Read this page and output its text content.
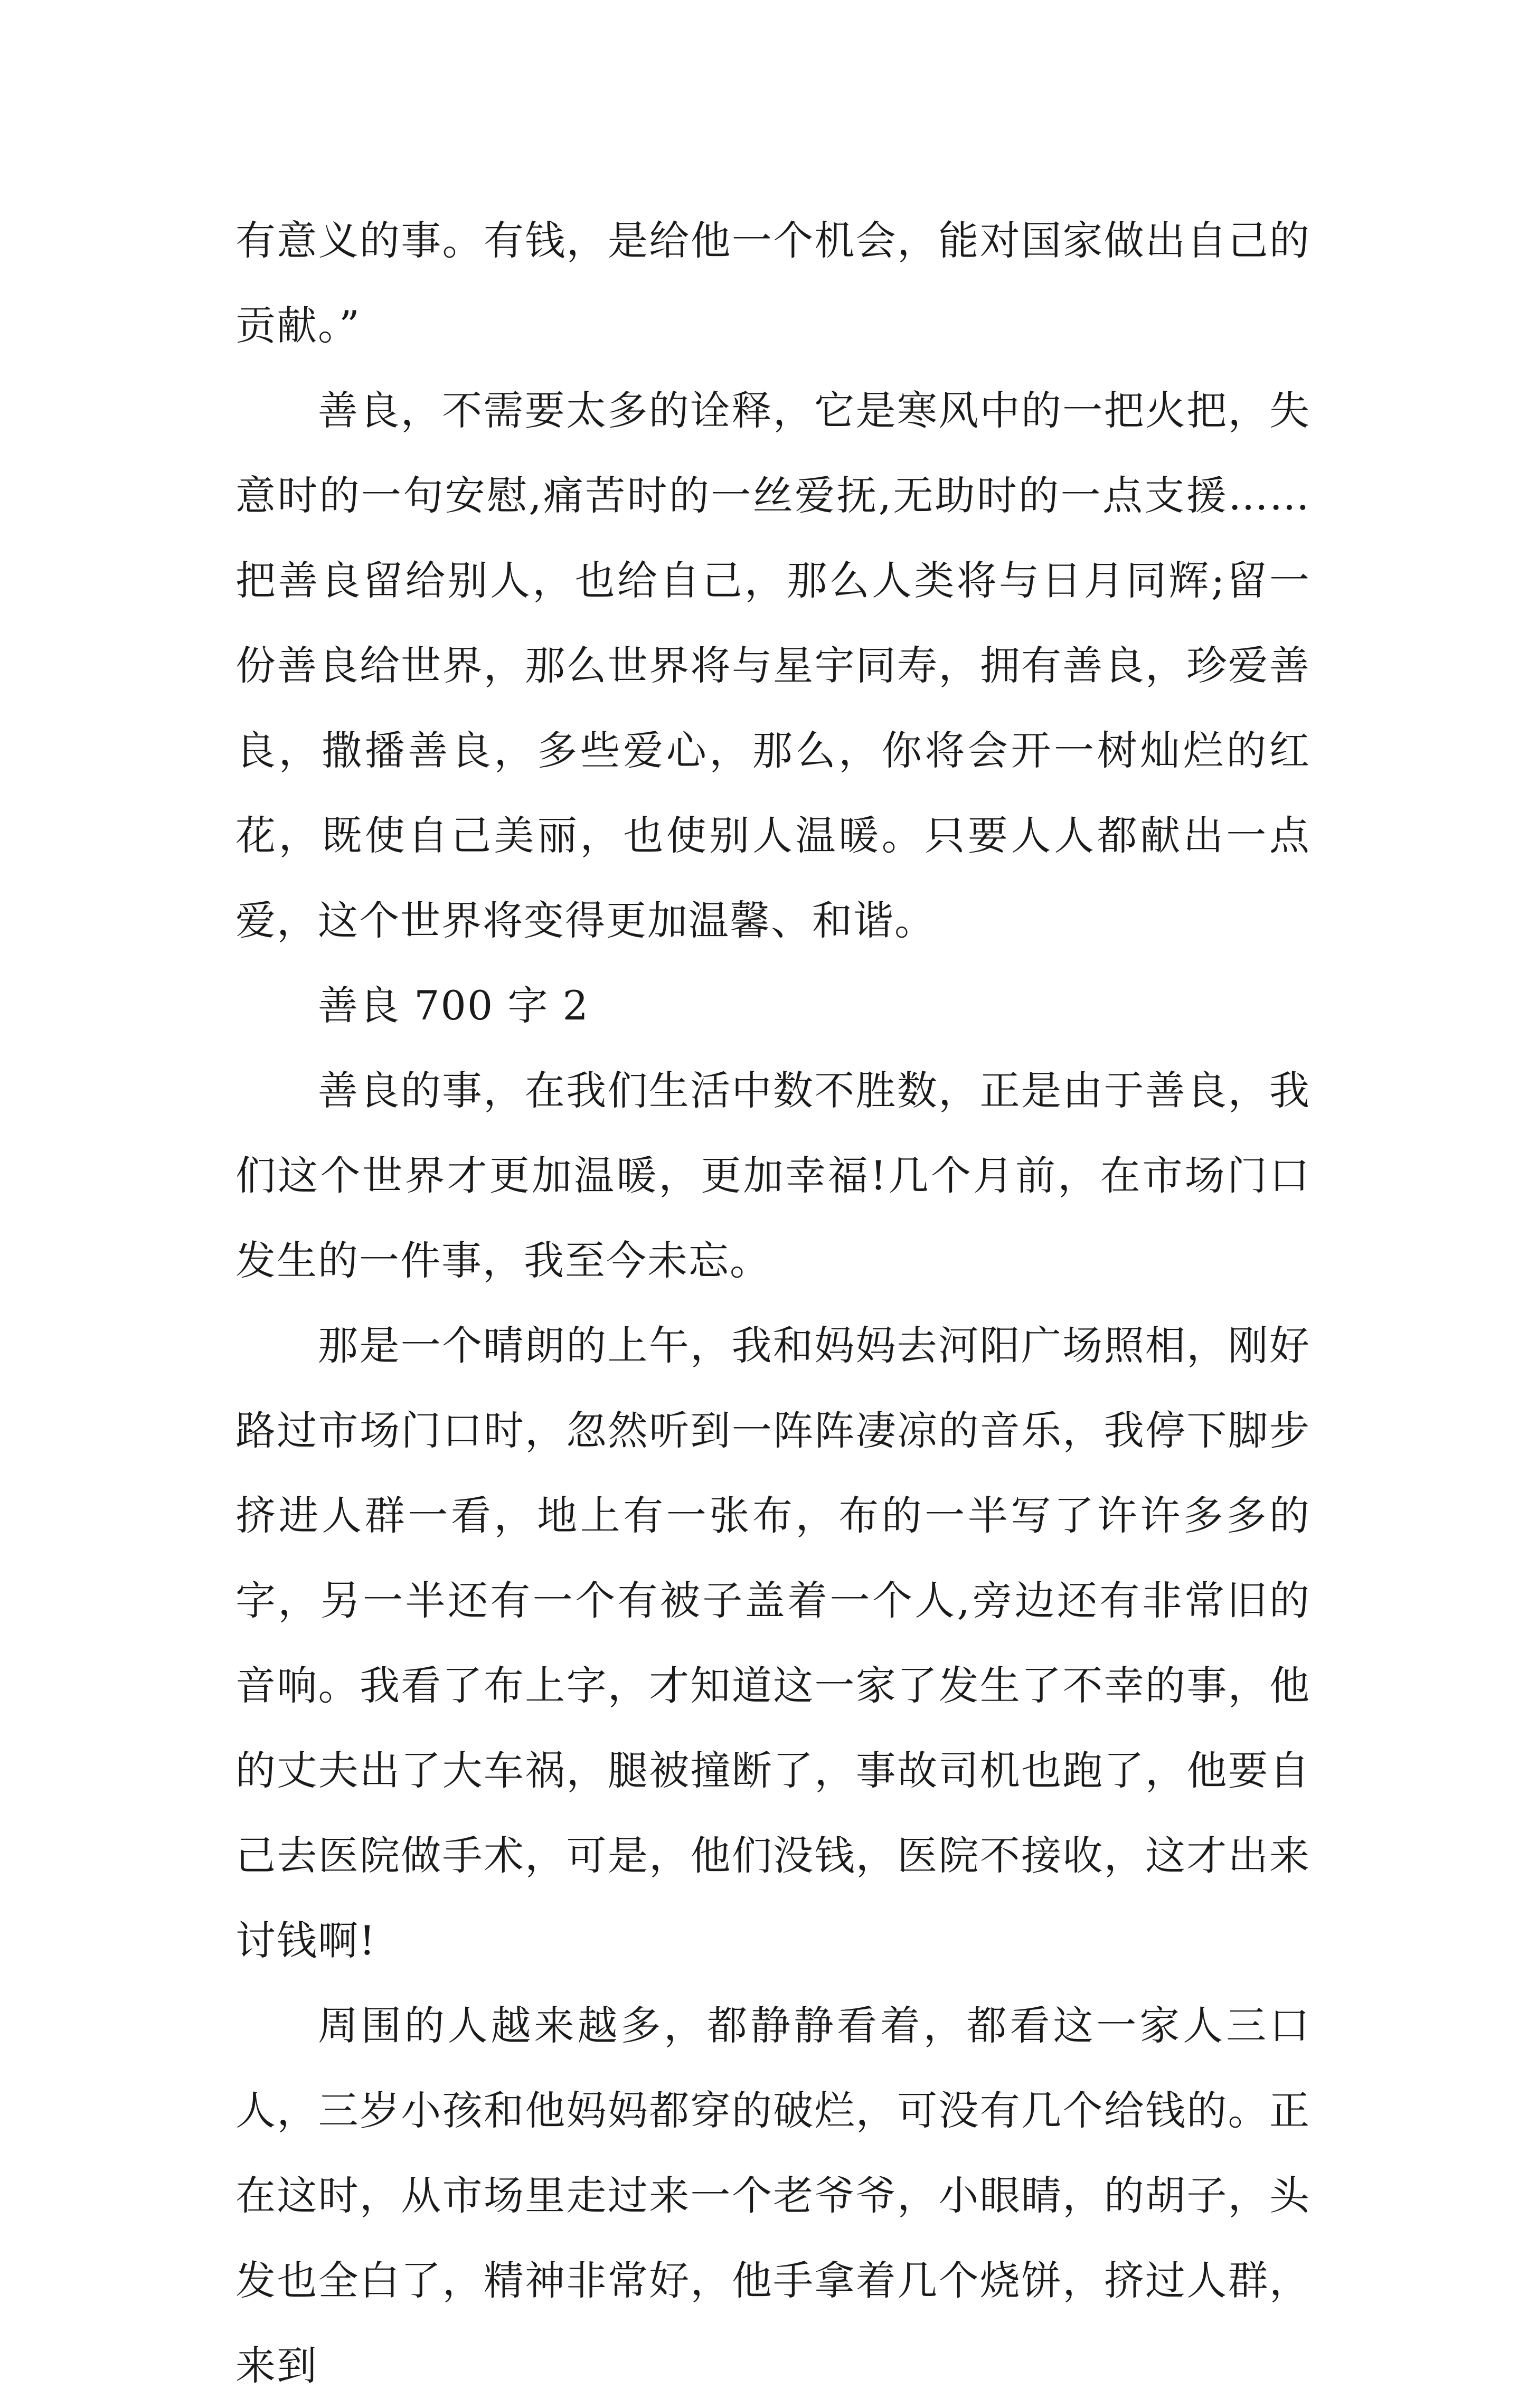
有意义的事。有钱，是给他一个机会，能对国家做出自己的贡献。”

善良，不需要太多的诠释，它是寒风中的一把火把，失意时的一句安慰,痛苦时的一丝爱抚,无助时的一点支援……把善良留给别人，也给自己，那么人类将与日月同辉;留一份善良给世界，那么世界将与星宇同寿，拥有善良，珍爱善良，撒播善良，多些爱心，那么，你将会开一树灿烂的红花，既使自己美丽，也使别人温暖。只要人人都献出一点爱，这个世界将变得更加温馨、和谐。

善良 700 字 2

善良的事，在我们生活中数不胜数，正是由于善良，我们这个世界才更加温暖，更加幸福!几个月前，在市场门口发生的一件事，我至今未忘。

那是一个晴朗的上午，我和妈妈去河阳广场照相，刚好路过市场门口时，忽然听到一阵阵凄凉的音乐，我停下脚步挤进人群一看，地上有一张布，布的一半写了许许多多的字，另一半还有一个有被子盖着一个人,旁边还有非常旧的音响。我看了布上字，才知道这一家了发生了不幸的事，他的丈夫出了大车祸，腿被撞断了，事故司机也跑了，他要自己去医院做手术，可是，他们没钱，医院不接收，这才出来讨钱啊!

周围的人越来越多，都静静看着，都看这一家人三口人，三岁小孩和他妈妈都穿的破烂，可没有几个给钱的。正在这时，从市场里走过来一个老爷爷，小眼睛，的胡子，头发也全白了，精神非常好，他手拿着几个烧饼，挤过人群，来到
